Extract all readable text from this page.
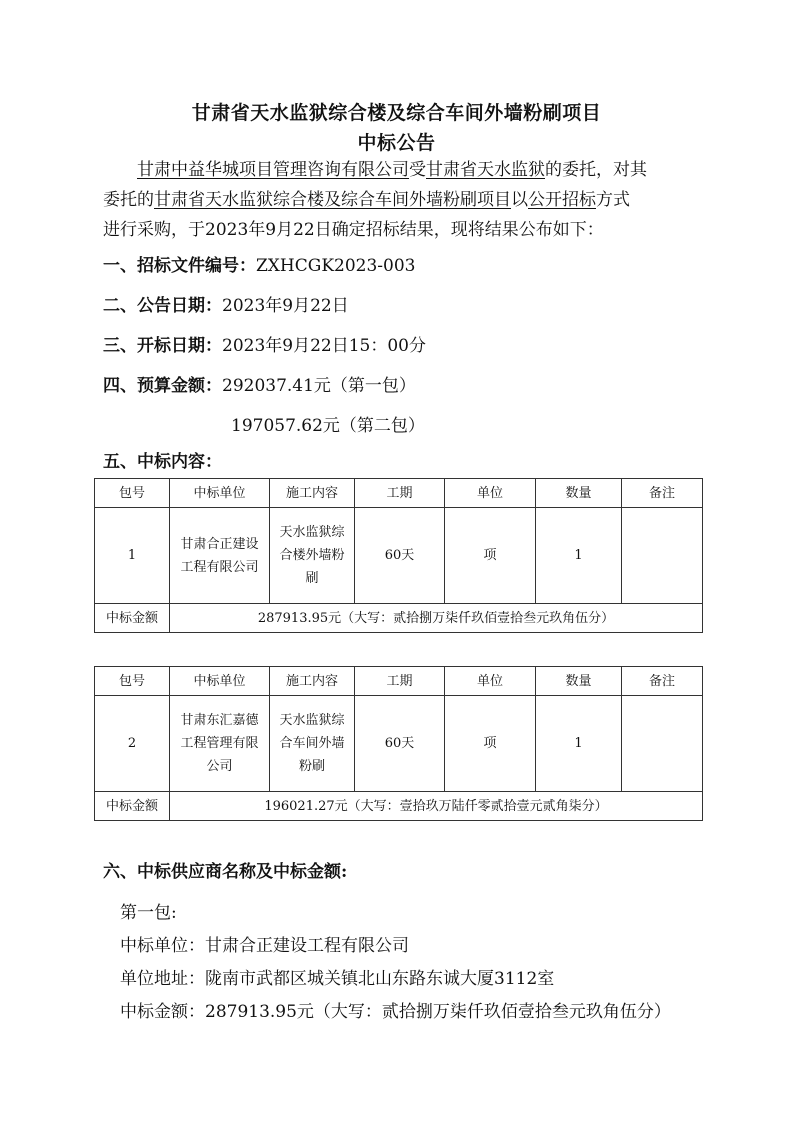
甘肃省天水监狱综合楼及综合车间外墙粉刷项目
中标公告
甘肃中益华城项目管理咨询有限公司受甘肃省天水监狱的委托，对其
委托的甘肃省天水监狱综合楼及综合车间外墙粉刷项目以公开招标方式
进行采购，于2023年9月22日确定招标结果，现将结果公布如下：
一、招标文件编号：ZXHCGK2023-003
二、公告日期：2023年9月22日
三、开标日期：2023年9月22日15：00分
四、预算金额：292037.41元（第一包）
197057.62元（第二包）
五、中标内容：
包号	中标单位	施工内容	工期	单位	数量	备注
1	甘肃合正建设工程有限公司	天水监狱综合楼外墙粉刷	60天	项	1	
中标金额	287913.95元（大写：贰拾捌万柒仟玖佰壹拾叁元玖角伍分）					
包号	中标单位	施工内容	工期	单位	数量	备注
2	甘肃东汇嘉德工程管理有限公司	天水监狱综合车间外墙粉刷	60天	项	1	
中标金额	196021.27元（大写：壹拾玖万陆仟零贰拾壹元贰角柒分）					
六、中标供应商名称及中标金额:
第一包:
中标单位：甘肃合正建设工程有限公司
单位地址：陇南市武都区城关镇北山东路东诚大厦3112室
中标金额：287913.95元（大写：贰拾捌万柒仟玖佰壹拾叁元玖角伍分）
